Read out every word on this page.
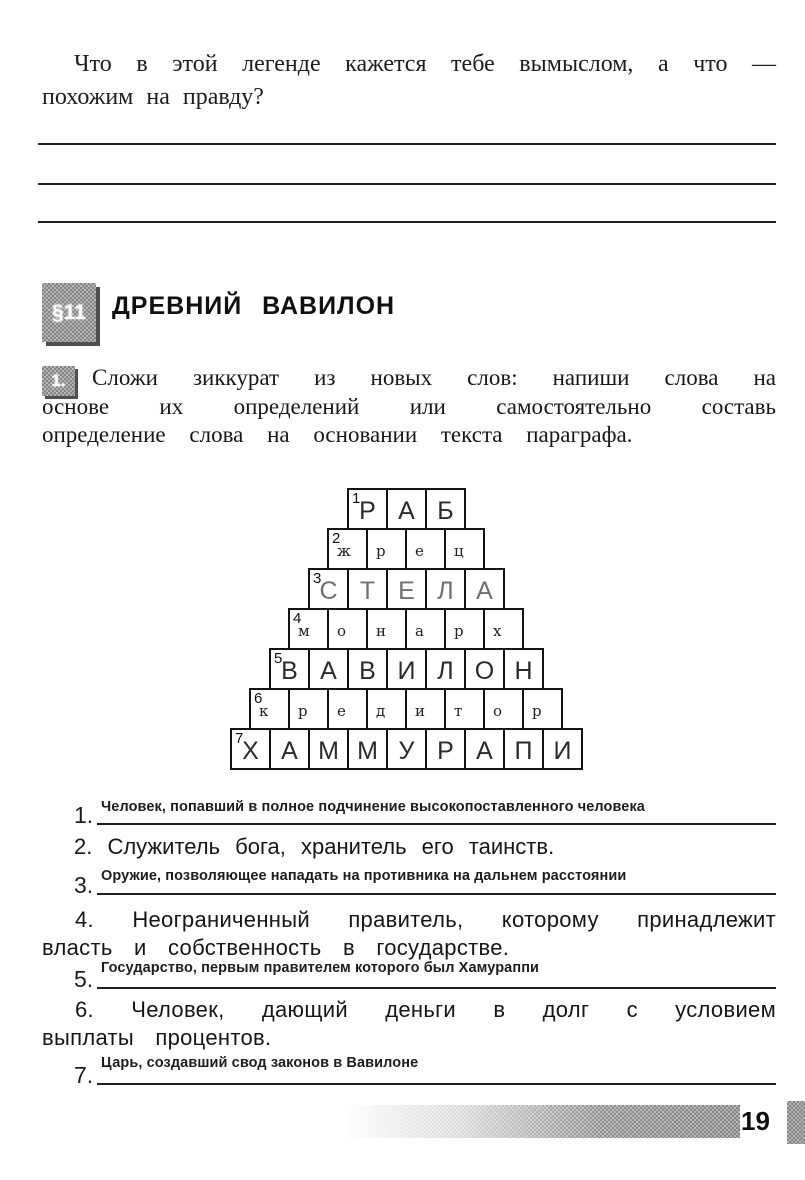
Что в этой легенде кажется тебе вымыслом, а что — похожим на правду?

§11 ДРЕВНИЙ ВАВИЛОН
1.	Сложи зиккурат из новых слов: напиши слова на основе их определений или самостоятельно составь определение слова на основании текста параграфа.

1
Р А Б
2
ж р е ц
3
С Т Е Л А
4
м о н а р х
5
В А В И Л О Н
6
к р е д и т о р
7
Х А М М У Р А П И
1. Человек, попавший в полное подчинение высокопоставленного человека
2. Служитель бога, хранитель его таинств.
3. Оружие, позволяющее нападать на противника на дальнем расстоянии
4. Неограниченный правитель, которому принадлежит власть и собственность в государстве.
5. Государство, первым правителем которого был Хамураппи
6. Человек, дающий деньги в долг с условием выплаты процентов.
7. Царь, создавший свод законов в Вавилоне
19
